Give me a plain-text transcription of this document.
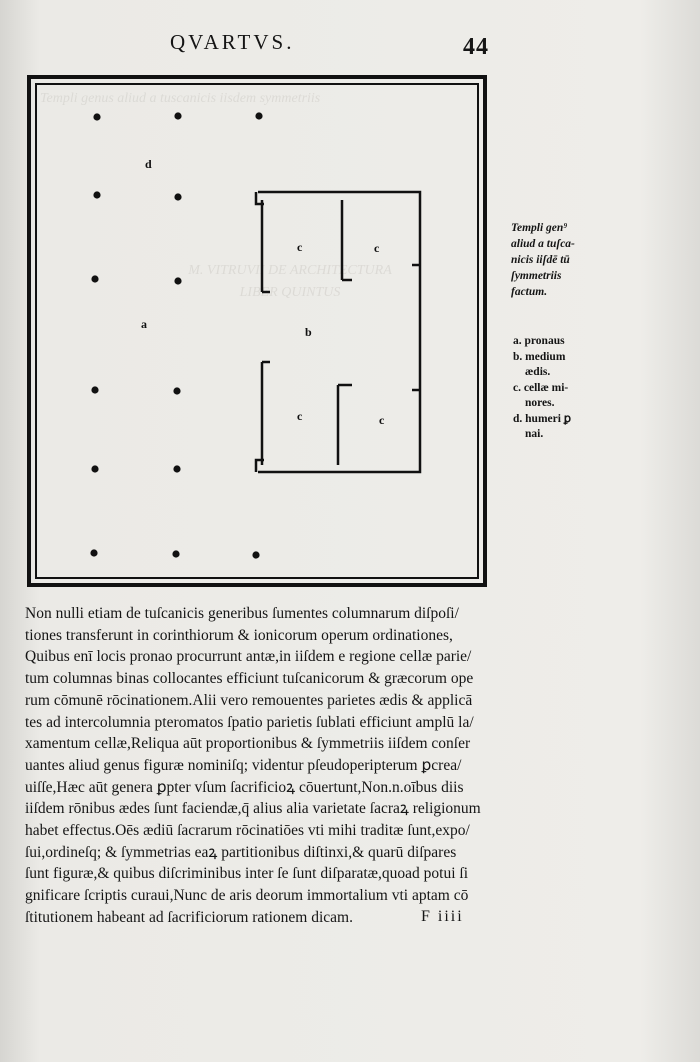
Templi genus aliud a tuscanicis iisdem symmetriis
M. VITRUVII DE ARCHITECTURA
LIBER QUINTUS
QVARTVS.	44
d
a
b
c	c
c	c
Templi gen⁹
aliud a tuſca-
nicis iiſdē tū
ſymmetriis
factum.
a. pronaus
b. medium
ædis.
c. cellæ mi-
nores.
d. humeri ꝑ
nai.
Non nulli etiam de tuſcanicis generibus ſumentes columnarum diſpoſi/
tiones transferunt in corinthiorum & ionicorum operum ordinationes,
Quibus enī locis pronao procurrunt antæ,in iiſdem e regione cellæ parie/
tum columnas binas collocantes efficiunt tuſcanicorum & græcorum ope
rum cōmunē rōcinationem.Alii vero remouentes parietes ædis & applicā
tes ad intercolumnia pteromatos ſpatio parietis ſublati efficiunt amplū la/
xamentum cellæ,Reliqua aūt proportionibus & ſymmetriis iiſdem conſer
uantes aliud genus figuræ nominiſq; videntur pſeudoperipterum ꝑcrea/
uiſſe,Hæc aūt genera ꝑpter vſum ſacrificioꝝ cōuertunt,Non.n.oībus diis
iiſdem rōnibus ædes ſunt faciendæ,q̄ alius alia varietate ſacraꝝ religionum
habet effectus.Oēs ædiū ſacrarum rōcinatiōes vti mihi traditæ ſunt,expo/
ſui,ordineſq; & ſymmetrias eaꝝ partitionibus diſtinxi,& quarū diſpares
ſunt figuræ,& quibus diſcriminibus inter ſe ſunt diſparatæ,quoad potui ſi
gnificare ſcriptis curaui,Nunc de aris deorum immortalium vti aptam cō
ſtitutionem habeant ad ſacrificiorum rationem dicam.	F iiii
